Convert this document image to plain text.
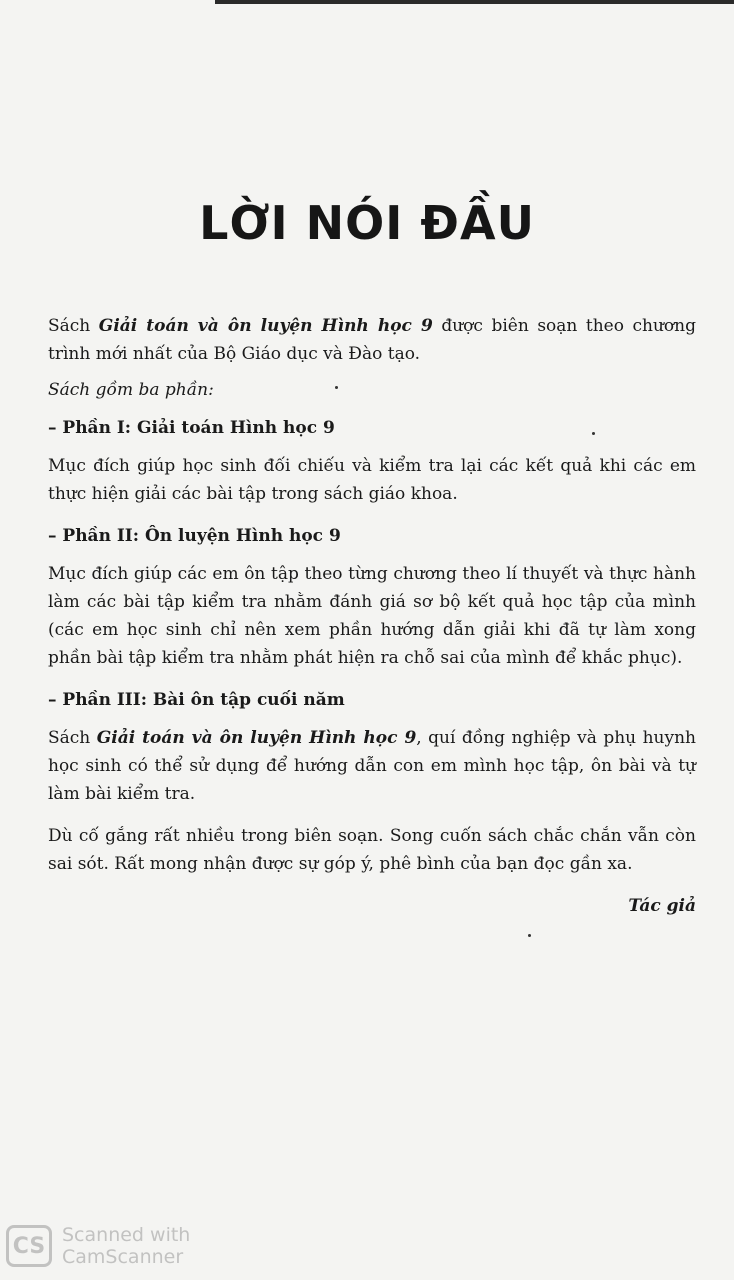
LỜI NÓI ĐẦU

Sách Giải toán và ôn luyện Hình học 9 được biên soạn theo chương trình mới nhất của Bộ Giáo dục và Đào tạo.

Sách gồm ba phần:

– Phần I: Giải toán Hình học 9

Mục đích giúp học sinh đối chiếu và kiểm tra lại các kết quả khi các em thực hiện giải các bài tập trong sách giáo khoa.

– Phần II: Ôn luyện Hình học 9

Mục đích giúp các em ôn tập theo từng chương theo lí thuyết và thực hành làm các bài tập kiểm tra nhằm đánh giá sơ bộ kết quả học tập của mình (các em học sinh chỉ nên xem phần hướng dẫn giải khi đã tự làm xong phần bài tập kiểm tra nhằm phát hiện ra chỗ sai của mình để khắc phục).

– Phần III: Bài ôn tập cuối năm

Sách Giải toán và ôn luyện Hình học 9, quí đồng nghiệp và phụ huynh học sinh có thể sử dụng để hướng dẫn con em mình học tập, ôn bài và tự làm bài kiểm tra.

Dù cố gắng rất nhiều trong biên soạn. Song cuốn sách chắc chắn vẫn còn sai sót. Rất mong nhận được sự góp ý, phê bình của bạn đọc gần xa.

Tác giả

CS Scanned with
CamScanner
